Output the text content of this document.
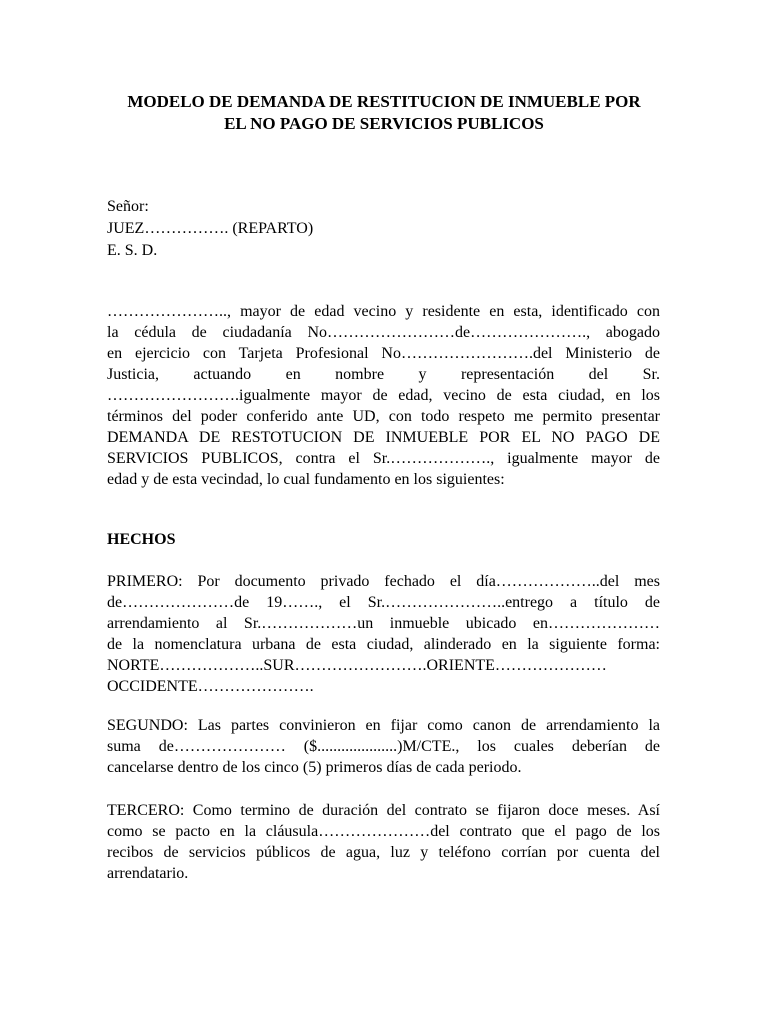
MODELO DE DEMANDA DE RESTITUCION DE INMUEBLE POR
EL NO PAGO DE SERVICIOS PUBLICOS
Señor:
JUEZ……………. (REPARTO)
E. S. D.
………………….., mayor de edad vecino y residente en esta, identificado con
la cédula de ciudadanía No……………………de…………………., abogado
en ejercicio con Tarjeta Profesional No…………………….del Ministerio de
Justicia, actuando en nombre y representación del Sr.
…………………….igualmente mayor de edad, vecino de esta ciudad, en los
términos del poder conferido ante UD, con todo respeto me permito presentar
DEMANDA DE RESTOTUCION DE INMUEBLE POR EL NO PAGO DE
SERVICIOS PUBLICOS, contra el Sr.………………., igualmente mayor de
edad y de esta vecindad, lo cual fundamento en los siguientes:
HECHOS
PRIMERO: Por documento privado fechado el día………………..del mes
de…………………de 19……., el Sr.…………………..entrego a título de
arrendamiento al Sr.………………un inmueble ubicado en…………………
de la nomenclatura urbana de esta ciudad, alinderado en la siguiente forma:
NORTE………………..SUR…………………….ORIENTE…………………
OCCIDENTE………………….
SEGUNDO: Las partes convinieron en fijar como canon de arrendamiento la
suma de………………… ($....................)M/CTE., los cuales deberían de
cancelarse dentro de los cinco (5) primeros días de cada periodo.
TERCERO: Como termino de duración del contrato se fijaron doce meses. Así
como se pacto en la cláusula…………………del contrato que el pago de los
recibos de servicios públicos de agua, luz y teléfono corrían por cuenta del
arrendatario.
